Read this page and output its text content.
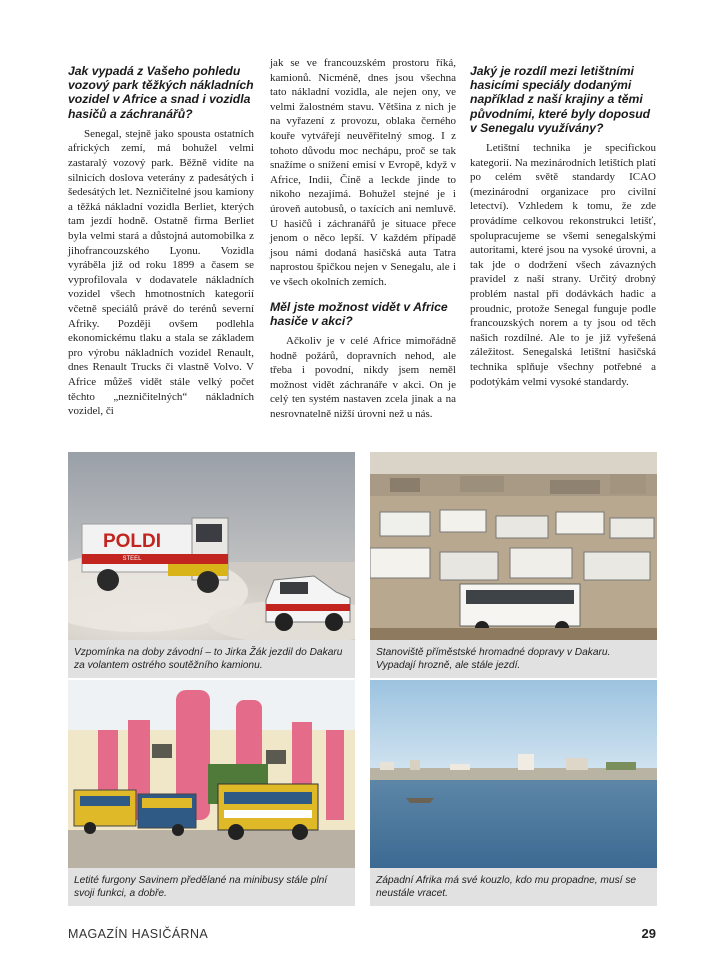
Jak vypadá z Vašeho pohledu vozový park těžkých nákladních vozidel v Africe a snad i vozidla hasičů a záchranářů?

Senegal, stejně jako spousta ostatních afrických zemí, má bohužel velmi zastaralý vozový park. Běžně vidíte na silnicích doslova veterány z padesátých i šedesátých let. Nezničitelné jsou kamiony a těžká nákladní vozidla Berliet, kterých tam jezdí hodně. Ostatně firma Berliet byla velmi stará a důstojná automobilka z jihofrancouzského Lyonu. Vozidla vyráběla již od roku 1899 a časem se vyprofilovala v dodavatele nákladních vozidel všech hmotnostních kategorií včetně speciálů právě do terénů severní Afriky. Později ovšem podlehla ekonomickému tlaku a stala se základem pro výrobu nákladních vozidel Renault, dnes Renault Trucks či vlastně Volvo. V Africe můžeš vidět stále velký počet těchto „nezničitelných“ nákladních vozidel, či

jak se ve francouzském prostoru říká, kamionů. Nicméně, dnes jsou všechna tato nákladní vozidla, ale nejen ony, ve velmi žalostném stavu. Většina z nich je na vyřazení z provozu, oblaka černého kouře vytvářejí neuvěřitelný smog. I z tohoto důvodu moc nechápu, proč se tak snažíme o snížení emisí v Evropě, když v Africe, Indii, Číně a leckde jinde to nikoho nezajímá. Bohužel stejné je i úroveň autobusů, o taxících ani nemluvě. U hasičů i záchranářů je situace přece jenom o něco lepší. V každém případě jsou námi dodaná hasičská auta Tatra naprostou špičkou nejen v Senegalu, ale i ve všech okolních zemích.

Měl jste možnost vidět v Africe hasiče v akci?

Ačkoliv je v celé Africe mimořádně hodně požárů, dopravních nehod, ale třeba i povodní, nikdy jsem neměl možnost vidět záchranáře v akci. On je celý ten systém nastaven zcela jinak a na nesrovnatelně nižší úrovni než u nás.

Jaký je rozdíl mezi letištními hasicími speciály dodanými například z naší krajiny a těmi původními, které byly doposud v Senegalu využívány?

Letištní technika je specifickou kategorií. Na mezinárodních letištích platí po celém světě standardy ICAO (mezinárodní organizace pro civilní letectví). Vzhledem k tomu, že zde provádíme celkovou rekonstrukci letišť, spolupracujeme se všemi senegalskými autoritami, které jsou na vysoké úrovni, a tak jde o dodržení všech závazných pravidel z naší strany. Určitý drobný problém nastal při dodávkách hadic a proudnic, protože Senegal funguje podle francouzských norem a ty jsou od těch našich rozdílné. Ale to je již vyřešená záležitost. Senegalská letištní hasičská technika splňuje všechny potřebné a podotýkám velmi vysoké standardy.

POLDI
STEEL
Vzpomínka na doby závodní – to Jirka Žák jezdil do Dakaru za volantem ostrého soutěžního kamionu.
Stanoviště příměstské hromadné dopravy v Dakaru. Vypadají hrozně, ale stále jezdí.
Letité furgony Savinem předělané na minibusy stále plní svoji funkci, a dobře.
Západní Afrika má své kouzlo, kdo mu propadne, musí se neustále vracet.
MAGAZÍN HASIČÁRNA	29
